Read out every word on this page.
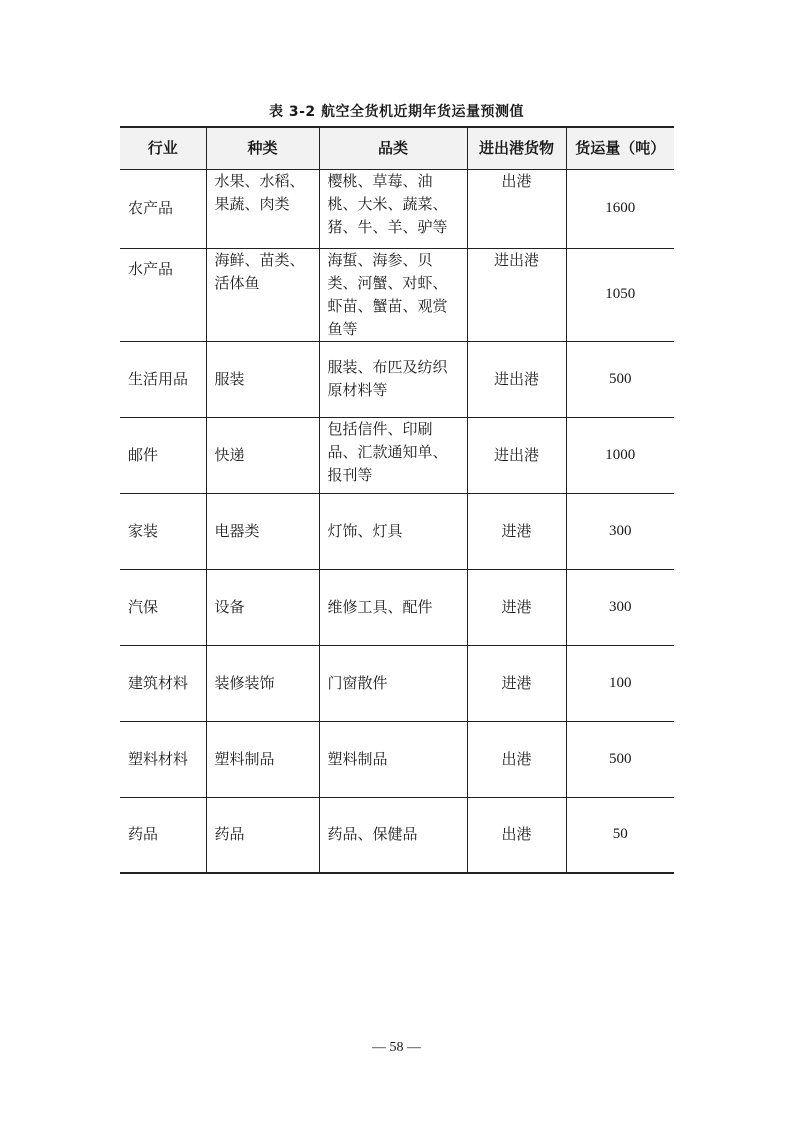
表 3-2 航空全货机近期年货运量预测值
行业	种类	品类	进出港货物	货运量（吨）
农产品	水果、水稻、果蔬、肉类	樱桃、草莓、油桃、大米、蔬菜、猪、牛、羊、驴等	出港	1600
水产品	海鲜、苗类、活体鱼	海蜇、海参、贝类、河蟹、对虾、虾苗、蟹苗、观赏鱼等	进出港	1050
生活用品	服装	服装、布匹及纺织原材料等	进出港	500
邮件	快递	包括信件、印刷品、汇款通知单、报刊等	进出港	1000
家装	电器类	灯饰、灯具	进港	300
汽保	设备	维修工具、配件	进港	300
建筑材料	装修装饰	门窗散件	进港	100
塑料材料	塑料制品	塑料制品	出港	500
药品	药品	药品、保健品	出港	50
— 58 —
